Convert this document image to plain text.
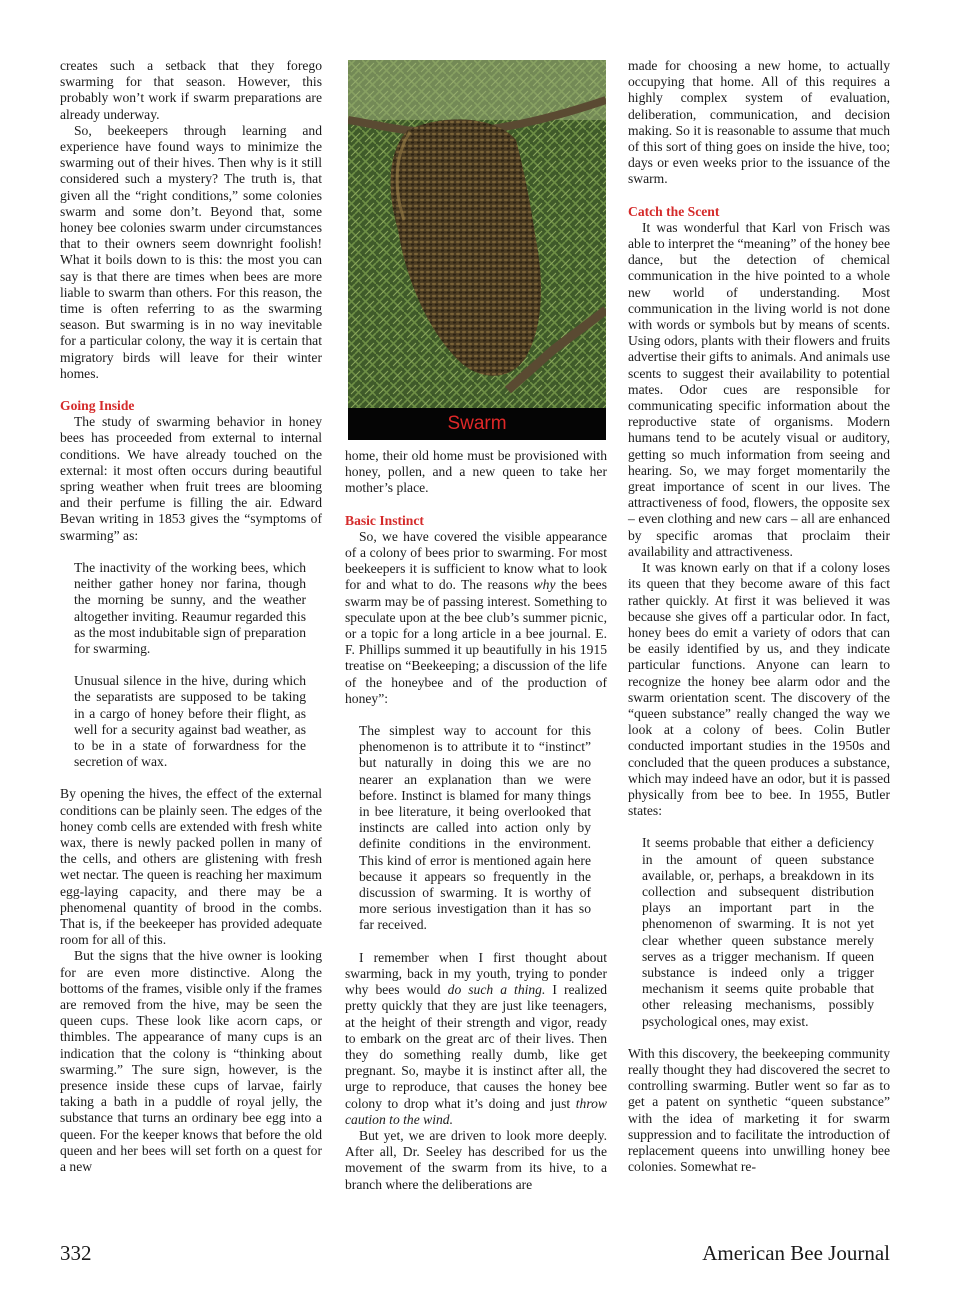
creates such a setback that they forego swarming for that season. However, this probably won’t work if swarm preparations are already underway.

So, beekeepers through learning and experience have found ways to minimize the swarming out of their hives. Then why is it still considered such a mystery? The truth is, that given all the “right conditions,” some colonies swarm and some don’t. Beyond that, some honey bee colonies swarm under circumstances that to their owners seem downright foolish! What it boils down to is this: the most you can say is that there are times when bees are more liable to swarm than others. For this reason, the time is often referring to as the swarming season. But swarming is in no way inevitable for a particular colony, the way it is certain that migratory birds will leave for their winter homes.

Going Inside

The study of swarming behavior in honey bees has proceeded from external to internal conditions. We have already touched on the external: it most often occurs during beautiful spring weather when fruit trees are blooming and their perfume is filling the air. Edward Bevan writing in 1853 gives the “symptoms of swarming” as:

The inactivity of the working bees, which neither gather honey nor farina, though the morning be sunny, and the weather altogether inviting. Reaumur regarded this as the most indubitable sign of preparation for swarming.

Unusual silence in the hive, during which the separatists are supposed to be taking in a cargo of honey before their flight, as well for a security against bad weather, as to be in a state of forwardness for the secretion of wax.

By opening the hives, the effect of the external conditions can be plainly seen. The edges of the honey comb cells are extended with fresh white wax, there is newly packed pollen in many of the cells, and others are glistening with fresh wet nectar. The queen is reaching her maximum egg-laying capacity, and there may be a phenomenal quantity of brood in the combs. That is, if the beekeeper has provided adequate room for all of this.

But the signs that the hive owner is looking for are even more distinctive. Along the bottoms of the frames, visible only if the frames are removed from the hive, may be seen the queen cups. These look like acorn caps, or thimbles. The appearance of many cups is an indication that the colony is “thinking about swarming.” The sure sign, however, is the presence inside these cups of larvae, fairly taking a bath in a puddle of royal jelly, the substance that turns an ordinary bee egg into a queen. For the keeper knows that before the old queen and her bees will set forth on a quest for a new

Swarm

home, their old home must be provisioned with honey, pollen, and a new queen to take her mother’s place.

Basic Instinct

So, we have covered the visible appearance of a colony of bees prior to swarming. For most beekeepers it is sufficient to know what to look for and what to do. The reasons why the bees swarm may be of passing interest. Something to speculate upon at the bee club’s summer picnic, or a topic for a long article in a bee journal. E. F. Phillips summed it up beautifully in his 1915 treatise on “Beekeeping; a discussion of the life of the honeybee and of the production of honey”:

The simplest way to account for this phenomenon is to attribute it to “instinct” but naturally in doing this we are no nearer an explanation than we were before. Instinct is blamed for many things in bee literature, it being overlooked that instincts are called into action only by definite conditions in the environment. This kind of error is mentioned again here because it appears so frequently in the discussion of swarming. It is worthy of more serious investigation than it has so far received.

I remember when I first thought about swarming, back in my youth, trying to ponder why bees would do such a thing. I realized pretty quickly that they are just like teenagers, at the height of their strength and vigor, ready to embark on the great arc of their lives. Then they do something really dumb, like get pregnant. So, maybe it is instinct after all, the urge to reproduce, that causes the honey bee colony to drop what it’s doing and just throw caution to the wind.

But yet, we are driven to look more deeply. After all, Dr. Seeley has described for us the movement of the swarm from its hive, to a branch where the deliberations are

made for choosing a new home, to actually occupying that home. All of this requires a highly complex system of evaluation, deliberation, communication, and decision making. So it is reasonable to assume that much of this sort of thing goes on inside the hive, too; days or even weeks prior to the issuance of the swarm.

Catch the Scent

It was wonderful that Karl von Frisch was able to interpret the “meaning” of the honey bee dance, but the detection of chemical communication in the hive pointed to a whole new world of understanding. Most communication in the living world is not done with words or symbols but by means of scents. Using odors, plants with their flowers and fruits advertise their gifts to animals. And animals use scents to suggest their availability to potential mates. Odor cues are responsible for communicating specific information about the reproductive state of organisms. Modern humans tend to be acutely visual or auditory, getting so much information from seeing and hearing. So, we may forget momentarily the great importance of scent in our lives. The attractiveness of food, flowers, the opposite sex – even clothing and new cars – all are enhanced by specific aromas that proclaim their availability and attractiveness.

It was known early on that if a colony loses its queen that they become aware of this fact rather quickly. At first it was believed it was because she gives off a particular odor. In fact, honey bees do emit a variety of odors that can be easily identified by us, and they indicate particular functions. Anyone can learn to recognize the honey bee alarm odor and the swarm orientation scent. The discovery of the “queen substance” really changed the way we look at a colony of bees. Colin Butler conducted important studies in the 1950s and concluded that the queen produces a substance, which may indeed have an odor, but it is passed physically from bee to bee. In 1955, Butler states:

It seems probable that either a deficiency in the amount of queen substance available, or, perhaps, a breakdown in its collection and subsequent distribution plays an important part in the phenomenon of swarming. It is not yet clear whether queen substance merely serves as a trigger mechanism. If queen substance is indeed only a trigger mechanism it seems quite probable that other releasing mechanisms, possibly psychological ones, may exist.

With this discovery, the beekeeping community really thought they had discovered the secret to controlling swarming. Butler went so far as to get a patent on synthetic “queen substance” with the idea of marketing it for swarm suppression and to facilitate the introduction of replacement queens into unwilling honey bee colonies. Somewhat re-

332	American Bee Journal
